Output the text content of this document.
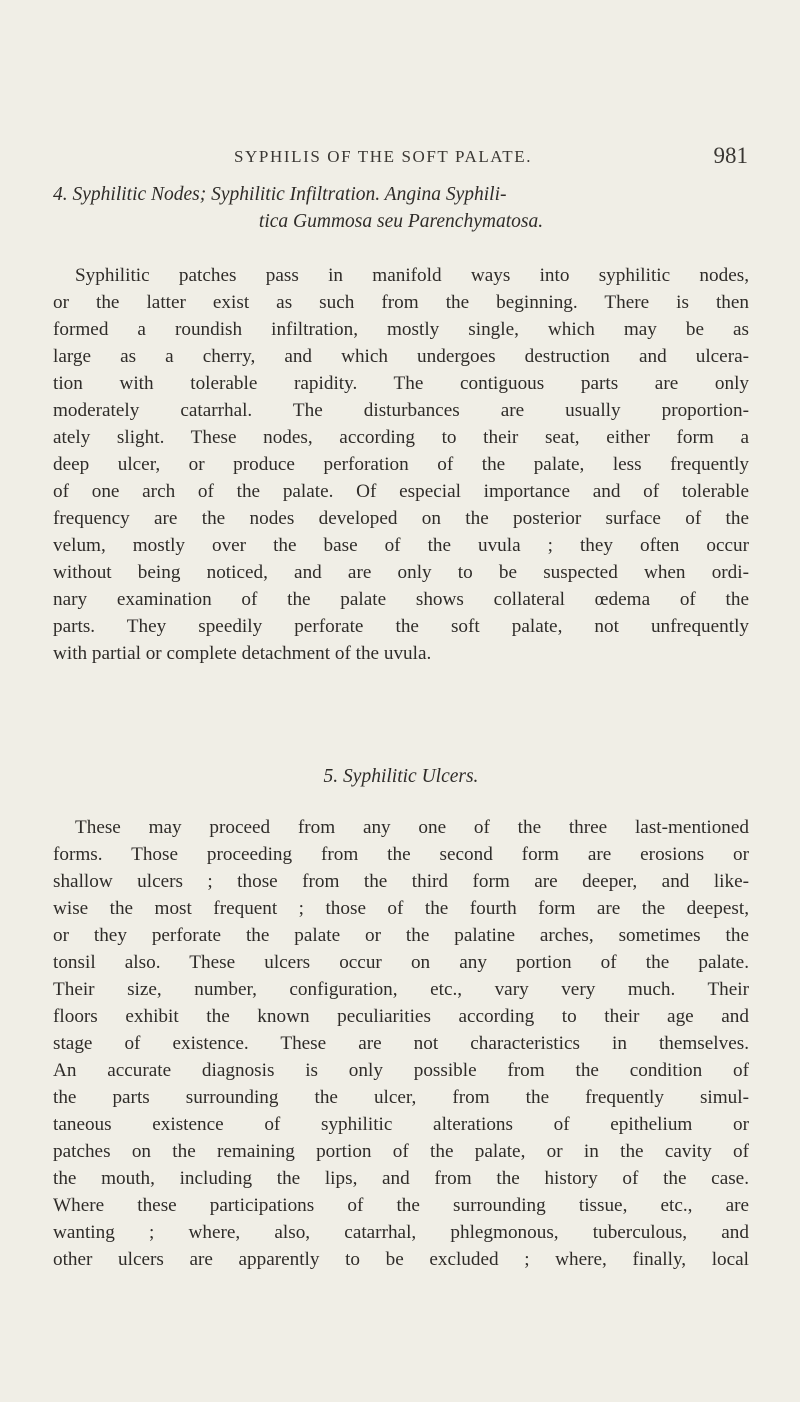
SYPHILIS OF THE SOFT PALATE.	981
4. Syphilitic Nodes; Syphilitic Infiltration. Angina Syphili-
tica Gummosa seu Parenchymatosa.
Syphilitic patches pass in manifold ways into syphilitic nodes,
or the latter exist as such from the beginning. There is then
formed a roundish infiltration, mostly single, which may be as
large as a cherry, and which undergoes destruction and ulcera-
tion with tolerable rapidity. The contiguous parts are only
moderately catarrhal. The disturbances are usually proportion-
ately slight. These nodes, according to their seat, either form a
deep ulcer, or produce perforation of the palate, less frequently
of one arch of the palate. Of especial importance and of tolerable
frequency are the nodes developed on the posterior surface of the
velum, mostly over the base of the uvula ; they often occur
without being noticed, and are only to be suspected when ordi-
nary examination of the palate shows collateral œdema of the
parts. They speedily perforate the soft palate, not unfrequently
with partial or complete detachment of the uvula.
5. Syphilitic Ulcers.
These may proceed from any one of the three last-mentioned
forms. Those proceeding from the second form are erosions or
shallow ulcers ; those from the third form are deeper, and like-
wise the most frequent ; those of the fourth form are the deepest,
or they perforate the palate or the palatine arches, sometimes the
tonsil also. These ulcers occur on any portion of the palate.
Their size, number, configuration, etc., vary very much. Their
floors exhibit the known peculiarities according to their age and
stage of existence. These are not characteristics in themselves.
An accurate diagnosis is only possible from the condition of
the parts surrounding the ulcer, from the frequently simul-
taneous existence of syphilitic alterations of epithelium or
patches on the remaining portion of the palate, or in the cavity of
the mouth, including the lips, and from the history of the case.
Where these participations of the surrounding tissue, etc., are
wanting ; where, also, catarrhal, phlegmonous, tuberculous, and
other ulcers are apparently to be excluded ; where, finally, local
